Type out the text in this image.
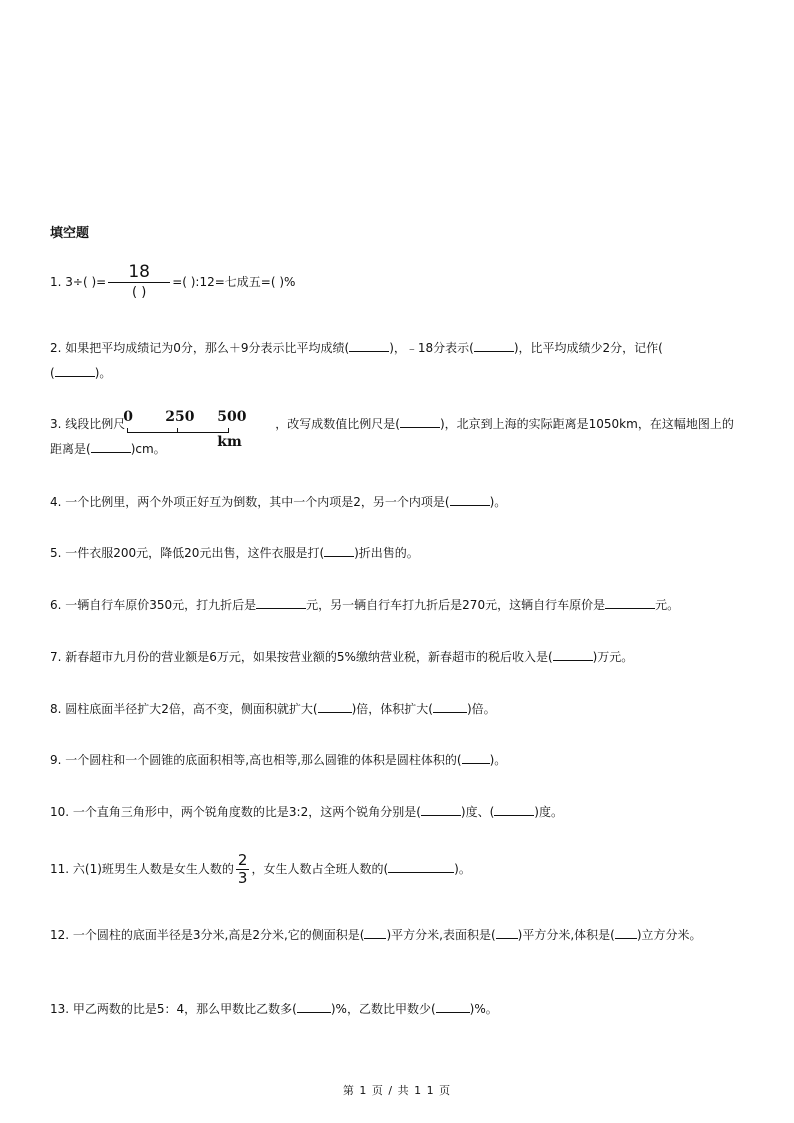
填空题

1. 3÷( )= $\frac{18}{( )}$ =( ):12=七成五=( )%

2. 如果把平均成绩记为0分，那么＋9分表示比平均成绩(	)，﹣18分表示(	)，比平均成绩少2分，记作(
(	)。

3. 线段比例尺
0 250 500 km
，改写成数值比例尺是(	)，北京到上海的实际距离是1050km，在这幅地图上的距离是(	)cm。

4. 一个比例里，两个外项正好互为倒数，其中一个内项是2，另一个内项是(	)。

5. 一件衣服200元，降低20元出售，这件衣服是打(	)折出售的。

6. 一辆自行车原价350元，打九折后是	元，另一辆自行车打九折后是270元，这辆自行车原价是	元。

7. 新春超市九月份的营业额是6万元，如果按营业额的5%缴纳营业税，新春超市的税后收入是(	)万元。

8. 圆柱底面半径扩大2倍，高不变，侧面积就扩大(	)倍，体积扩大(	)倍。

9. 一个圆柱和一个圆锥的底面积相等,高也相等,那么圆锥的体积是圆柱体积的( )。

10. 一个直角三角形中，两个锐角度数的比是3:2，这两个锐角分别是(	)度、(	)度。

11. 六(1)班男生人数是女生人数的 $\frac{2}{3}$ ，女生人数占全班人数的(	)。

12. 一个圆柱的底面半径是3分米,高是2分米,它的侧面积是( )平方分米,表面积是( )平方分米,体积是( )立方分米。

13. 甲乙两数的比是5：4，那么甲数比乙数多(	)%，乙数比甲数少(	)%。

第 1 页 / 共 1 1 页
